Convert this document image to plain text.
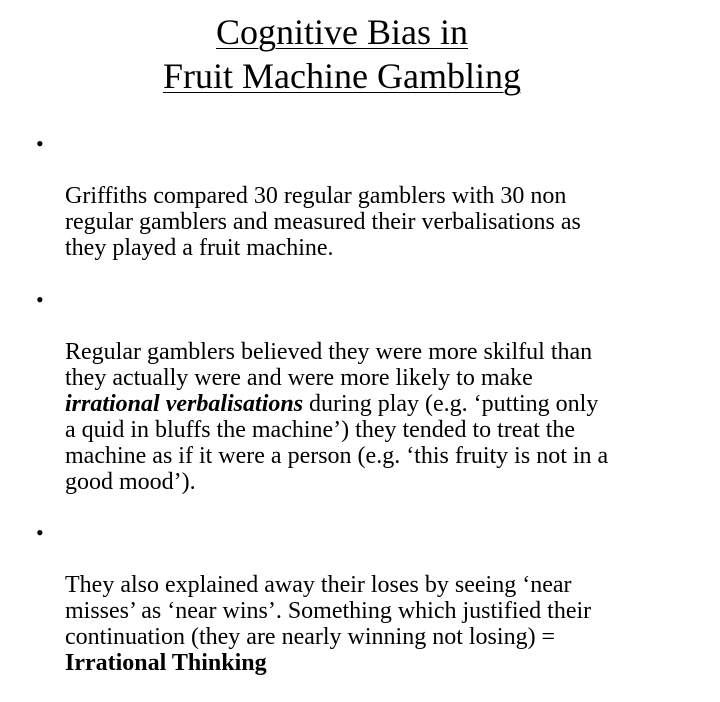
Cognitive Bias in
Fruit Machine Gambling

•

Griffiths compared 30 regular gamblers with 30 non
regular gamblers and measured their verbalisations as
they played a fruit machine.

•

Regular gamblers believed they were more skilful than
they actually were and were more likely to make
irrational verbalisations during play (e.g. ‘putting only
a quid in bluffs the machine’) they tended to treat the
machine as if it were a person (e.g. ‘this fruity is not in a
good mood’).

•

They also explained away their loses by seeing ‘near
misses’ as ‘near wins’. Something which justified their
continuation (they are nearly winning not losing) =
Irrational Thinking
